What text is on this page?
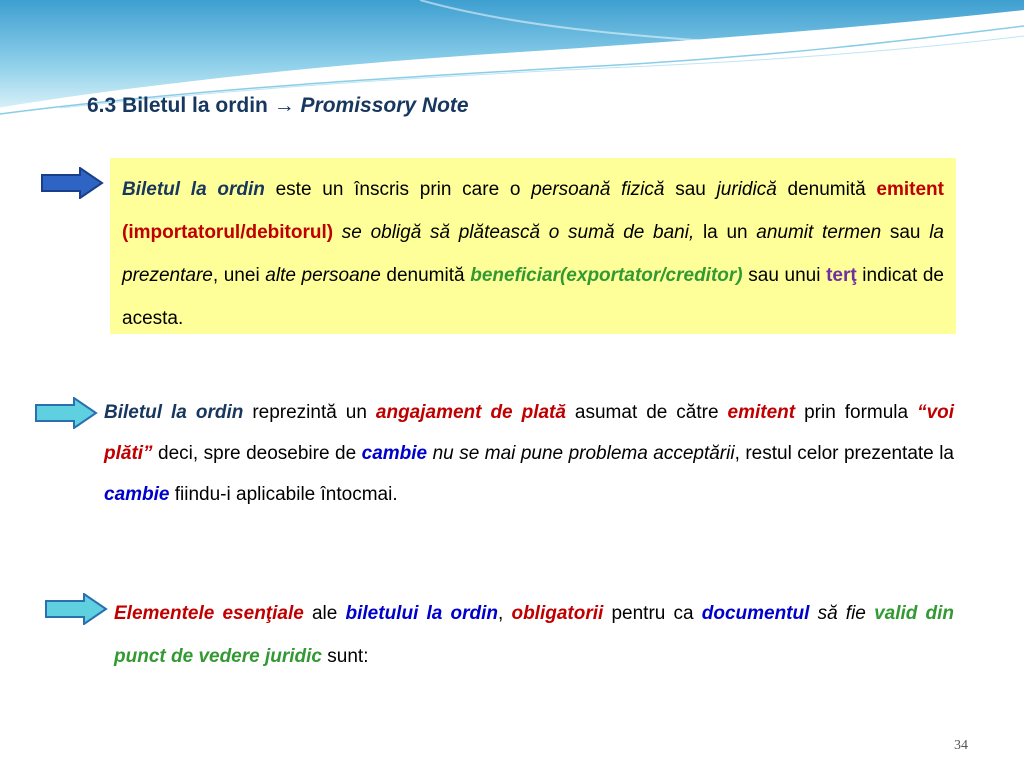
6.3 Biletul la ordin → Promissory Note

Biletul la ordin este un înscris prin care o persoană fizică sau juridică denumită emitent (importatorul/debitorul) se obligă să plătească o sumă de bani, la un anumit termen sau la prezentare, unei alte persoane denumită beneficiar(exportator/creditor) sau unui terţ indicat de acesta.

Biletul la ordin reprezintă un angajament de plată asumat de către emitent prin formula “voi plăti” deci, spre deosebire de cambie nu se mai pune problema acceptării, restul celor prezentate la cambie fiindu-i aplicabile întocmai.

Elementele esenţiale ale biletului la ordin, obligatorii pentru ca documentul să fie valid din punct de vedere juridic sunt:

34
